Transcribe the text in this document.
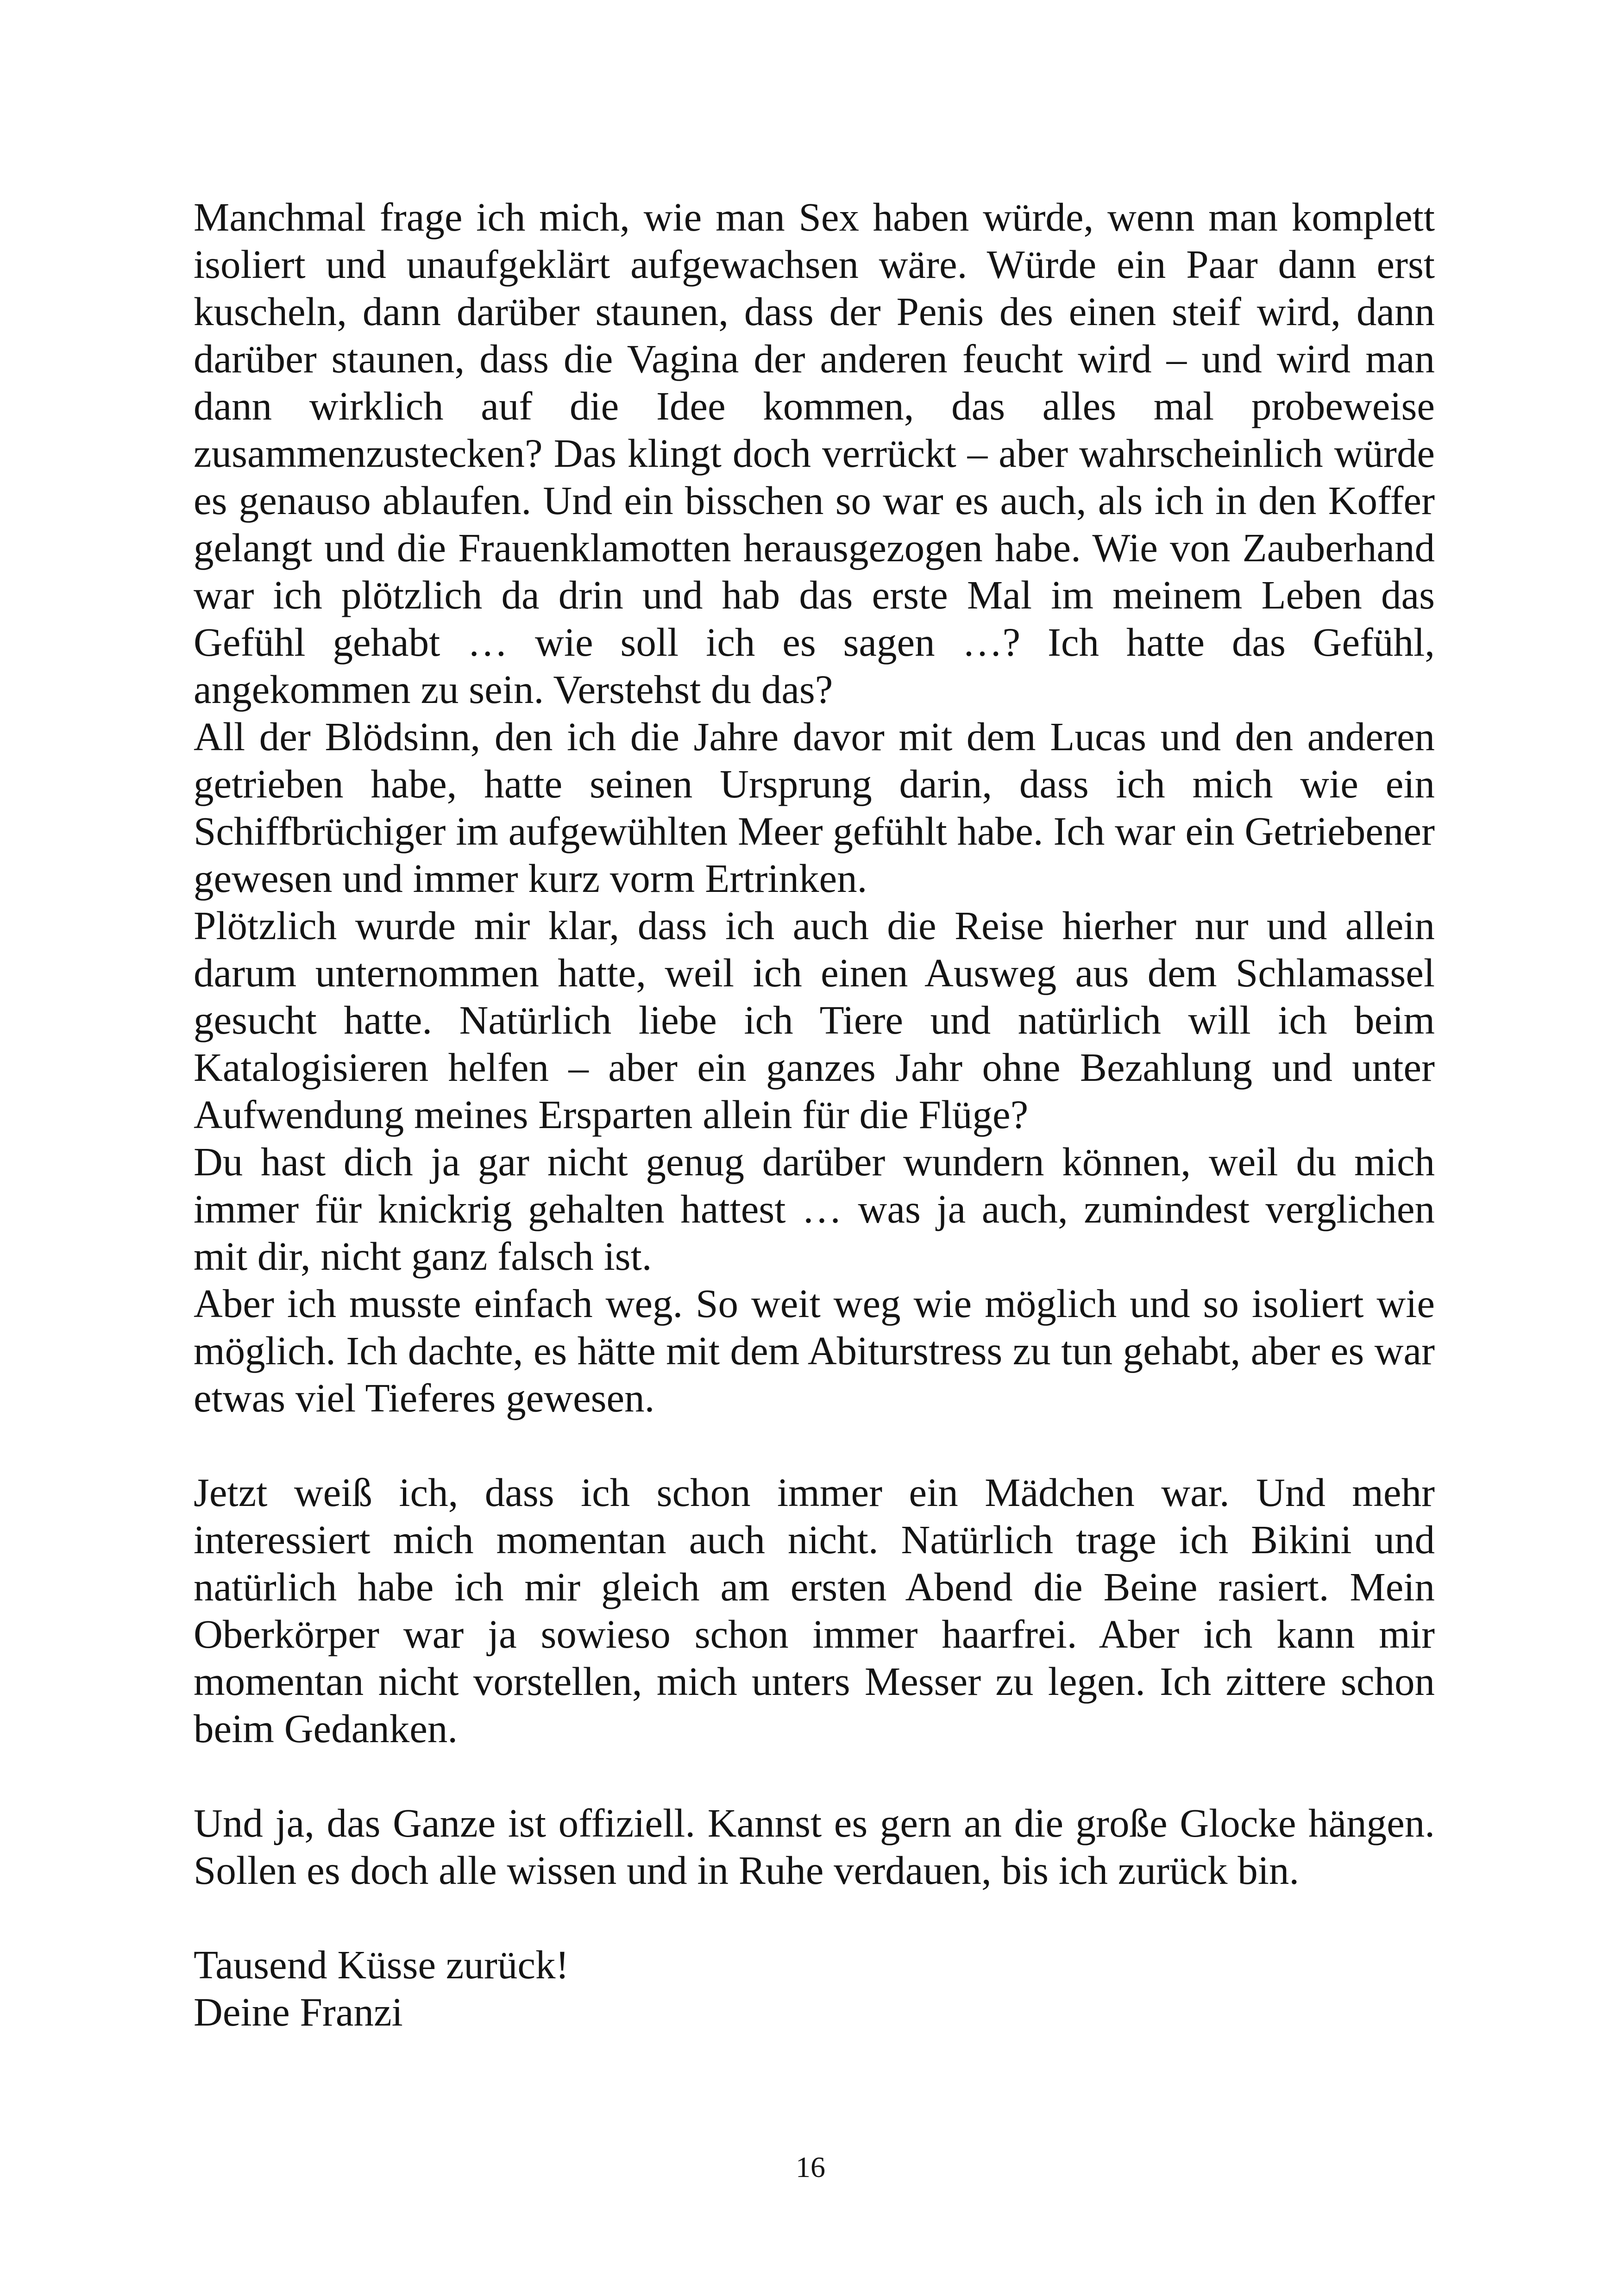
Manchmal frage ich mich, wie man Sex haben würde, wenn man komplett isoliert und unaufgeklärt aufgewachsen wäre. Würde ein Paar dann erst kuscheln, dann darüber staunen, dass der Penis des einen steif wird, dann darüber staunen, dass die Vagina der anderen feucht wird – und wird man dann wirklich auf die Idee kommen, das alles mal probeweise zusammenzustecken? Das klingt doch verrückt – aber wahrscheinlich würde es genauso ablaufen. Und ein bisschen so war es auch, als ich in den Koffer gelangt und die Frauenklamotten herausgezogen habe. Wie von Zauberhand war ich plötzlich da drin und hab das erste Mal im meinem Leben das Gefühl gehabt … wie soll ich es sagen …? Ich hatte das Gefühl, angekommen zu sein. Verstehst du das?

All der Blödsinn, den ich die Jahre davor mit dem Lucas und den anderen getrieben habe, hatte seinen Ursprung darin, dass ich mich wie ein Schiffbrüchiger im aufgewühlten Meer gefühlt habe. Ich war ein Getriebener gewesen und immer kurz vorm Ertrinken.

Plötzlich wurde mir klar, dass ich auch die Reise hierher nur und allein darum unternommen hatte, weil ich einen Ausweg aus dem Schlamassel gesucht hatte. Natürlich liebe ich Tiere und natürlich will ich beim Katalogisieren helfen – aber ein ganzes Jahr ohne Bezahlung und unter Aufwendung meines Ersparten allein für die Flüge?

Du hast dich ja gar nicht genug darüber wundern können, weil du mich immer für knickrig gehalten hattest … was ja auch, zumindest verglichen mit dir, nicht ganz falsch ist.

Aber ich musste einfach weg. So weit weg wie möglich und so isoliert wie möglich. Ich dachte, es hätte mit dem Abiturstress zu tun gehabt, aber es war etwas viel Tieferes gewesen.

Jetzt weiß ich, dass ich schon immer ein Mädchen war. Und mehr interessiert mich momentan auch nicht. Natürlich trage ich Bikini und natürlich habe ich mir gleich am ersten Abend die Beine rasiert. Mein Oberkörper war ja sowieso schon immer haarfrei. Aber ich kann mir momentan nicht vorstellen, mich unters Messer zu legen. Ich zittere schon beim Gedanken.

Und ja, das Ganze ist offiziell. Kannst es gern an die große Glocke hängen. Sollen es doch alle wissen und in Ruhe verdauen, bis ich zurück bin.

Tausend Küsse zurück!
Deine Franzi
16
